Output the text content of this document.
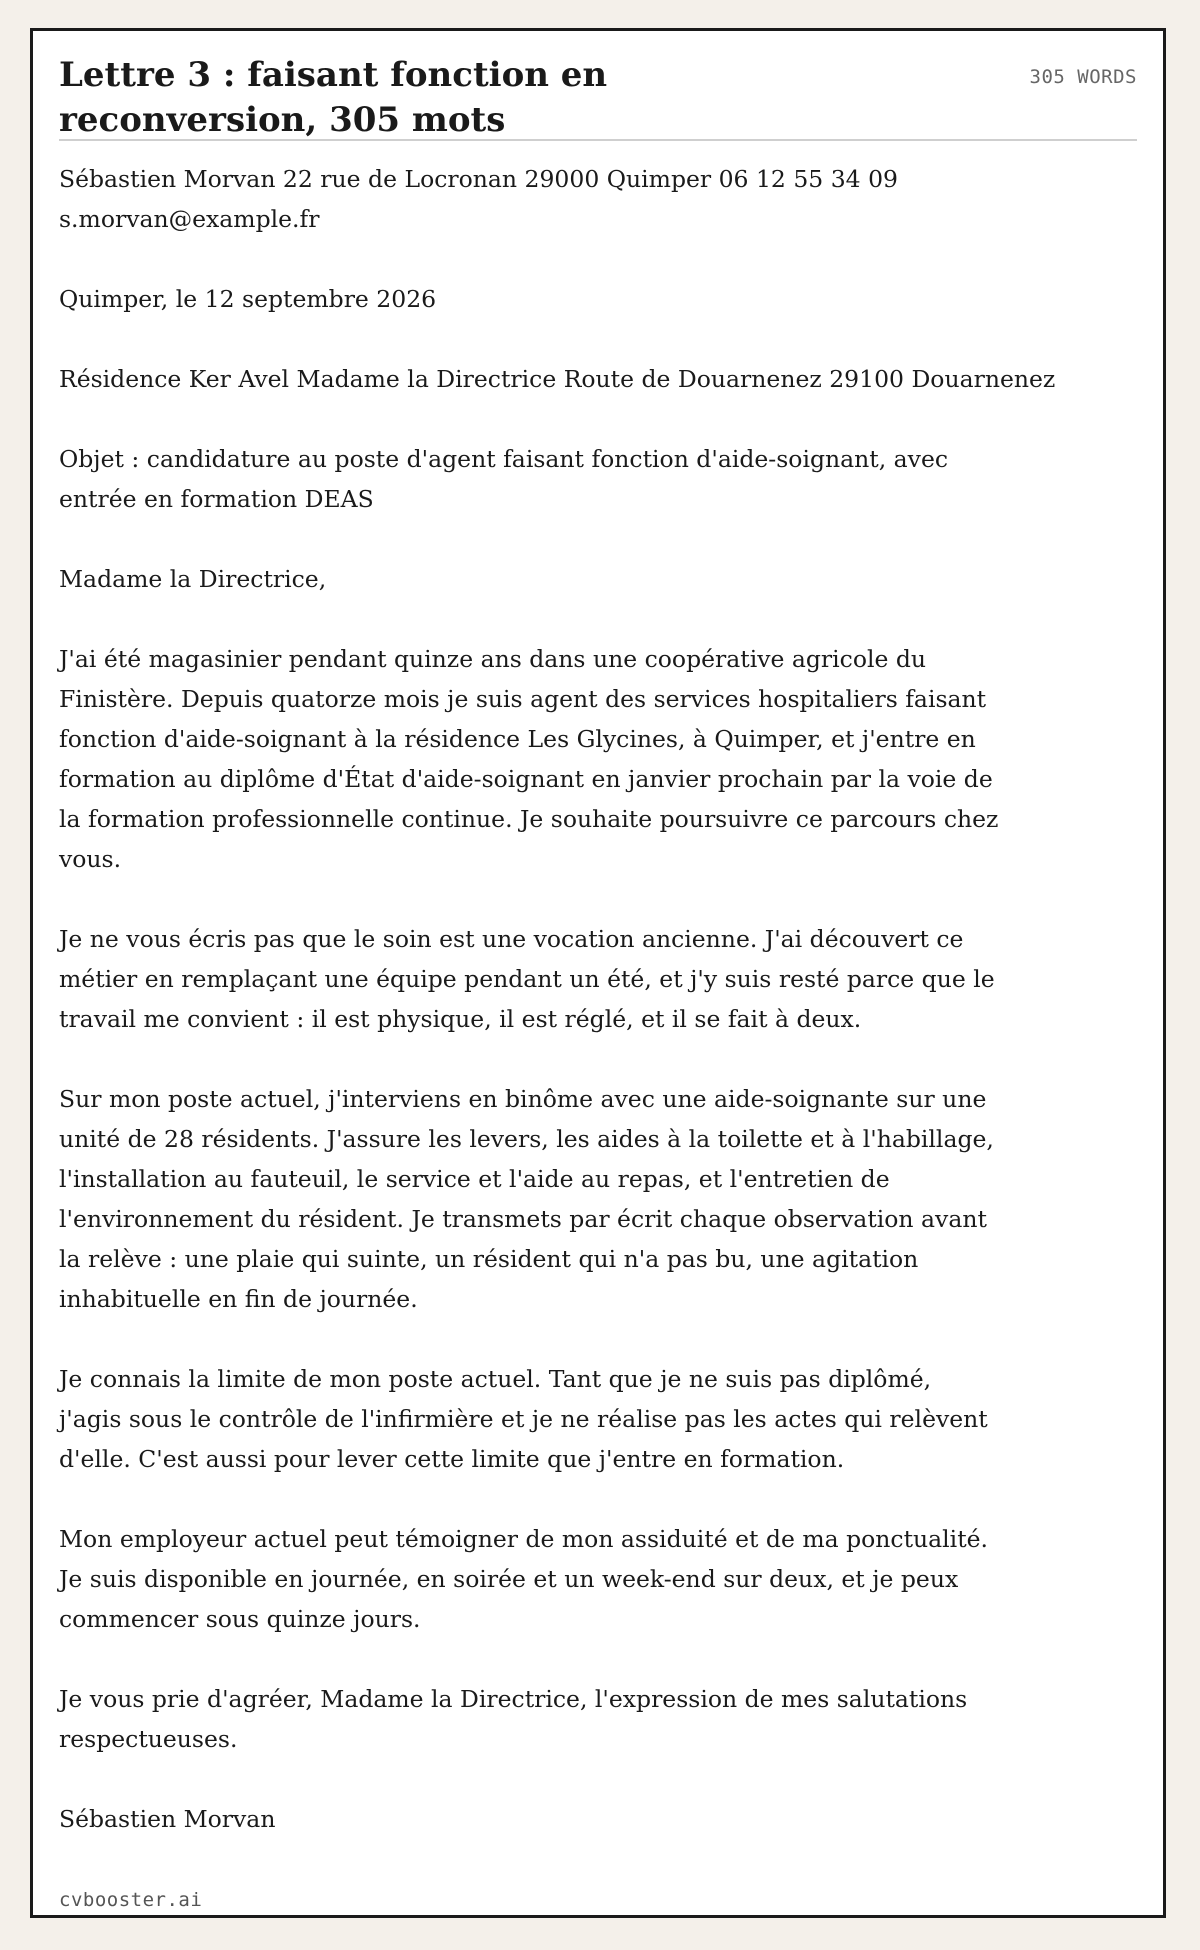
Lettre 3 : faisant fonction en reconversion, 305 mots
305 WORDS

Sébastien Morvan 22 rue de Locronan 29000 Quimper 06 12 55 34 09 s.morvan@example.fr

Quimper, le 12 septembre 2026

Résidence Ker Avel Madame la Directrice Route de Douarnenez 29100 Douarnenez

Objet : candidature au poste d'agent faisant fonction d'aide-soignant, avec entrée en formation DEAS

Madame la Directrice,

J'ai été magasinier pendant quinze ans dans une coopérative agricole du Finistère. Depuis quatorze mois je suis agent des services hospitaliers faisant fonction d'aide-soignant à la résidence Les Glycines, à Quimper, et j'entre en formation au diplôme d'État d'aide-soignant en janvier prochain par la voie de la formation professionnelle continue. Je souhaite poursuivre ce parcours chez vous.

Je ne vous écris pas que le soin est une vocation ancienne. J'ai découvert ce métier en remplaçant une équipe pendant un été, et j'y suis resté parce que le travail me convient : il est physique, il est réglé, et il se fait à deux.

Sur mon poste actuel, j'interviens en binôme avec une aide-soignante sur une unité de 28 résidents. J'assure les levers, les aides à la toilette et à l'habillage, l'installation au fauteuil, le service et l'aide au repas, et l'entretien de l'environnement du résident. Je transmets par écrit chaque observation avant la relève : une plaie qui suinte, un résident qui n'a pas bu, une agitation inhabituelle en fin de journée.

Je connais la limite de mon poste actuel. Tant que je ne suis pas diplômé, j'agis sous le contrôle de l'infirmière et je ne réalise pas les actes qui relèvent d'elle. C'est aussi pour lever cette limite que j'entre en formation.

Mon employeur actuel peut témoigner de mon assiduité et de ma ponctualité. Je suis disponible en journée, en soirée et un week-end sur deux, et je peux commencer sous quinze jours.

Je vous prie d'agréer, Madame la Directrice, l'expression de mes salutations respectueuses.

Sébastien Morvan

cvbooster.ai
